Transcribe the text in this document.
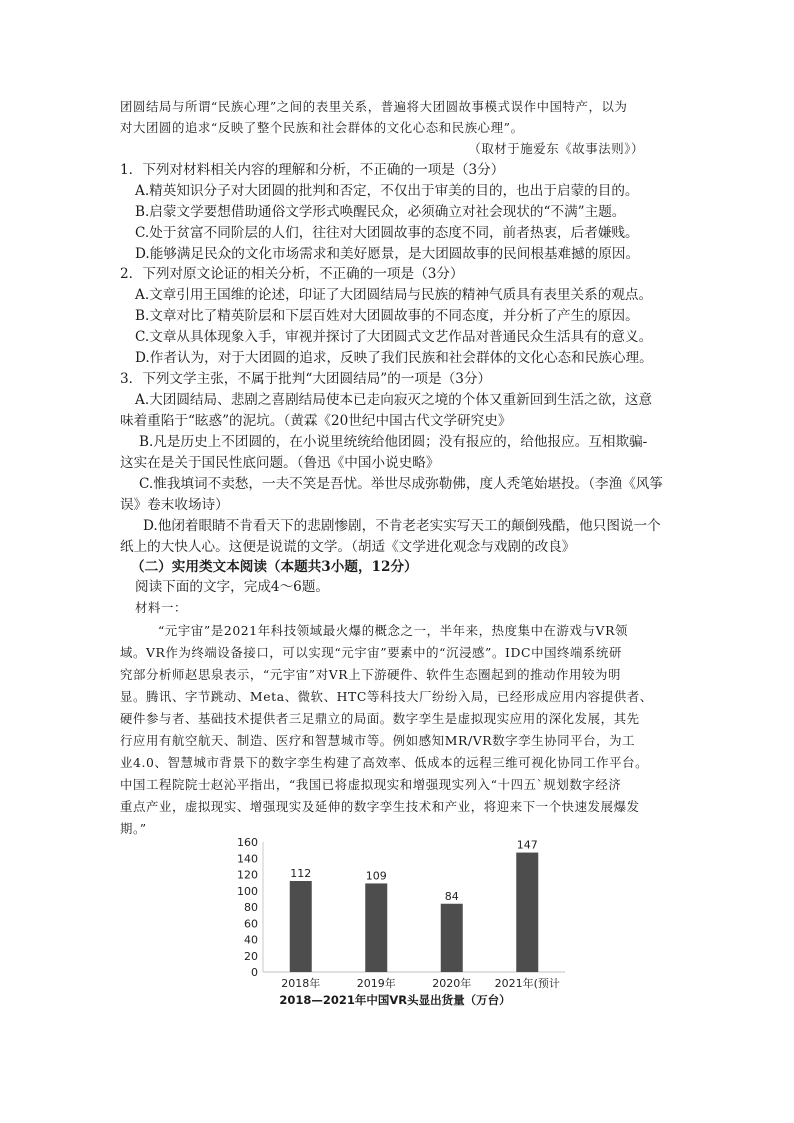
团圆结局与所谓“民族心理”之间的表里关系，普遍将大团圆故事模式误作中国特产，以为
对大团圆的追求“反映了整个民族和社会群体的文化心态和民族心理”。
（取材于施爱东《故事法则》）
1．下列对材料相关内容的理解和分析，不正确的一项是（3分）
A.精英知识分子对大团圆的批判和否定，不仅出于审美的目的，也出于启蒙的目的。
B.启蒙文学要想借助通俗文学形式唤醒民众，必须确立对社会现状的“不满”主题。
C.处于贫富不同阶层的人们，往往对大团圆故事的态度不同，前者热衷，后者嫌贱。
D.能够满足民众的文化市场需求和美好愿景，是大团圆故事的民间根基难撼的原因。
2．下列对原文论证的相关分析，不正确的一项是（3分）
A.文章引用王国维的论述，印证了大团圆结局与民族的精神气质具有表里关系的观点。
B.文章对比了精英阶层和下层百姓对大团圆故事的不同态度，并分析了产生的原因。
C.文章从具体现象入手，审视并探讨了大团圆式文艺作品对普通民众生活具有的意义。
D.作者认为，对于大团圆的追求，反映了我们民族和社会群体的文化心态和民族心理。
3．下列文学主张，不属于批判“大团圆结局”的一项是（3分）
A.大团圆结局、悲剧之喜剧结局使本已走向寂灭之境的个体又重新回到生活之欲，这意
味着重陷于“眩惑”的泥坑。（黄霖《20世纪中国古代文学研究史》
B.凡是历史上不团圆的，在小说里统统给他团圆；没有报应的，给他报应。互相欺骗-
这实在是关于国民性底问题。（鲁迅《中国小说史略》
C.惟我填词不卖愁，一夫不笑是吾忧。举世尽成弥勒佛，度人秃笔始堪投。（李渔《风筝
误》卷末收场诗）
D.他闭着眼睛不肯看天下的悲剧惨剧，不肯老老实实写天工的颠倒残酷，他只图说一个
纸上的大快人心。这便是说谎的文学。（胡适《文学进化观念与戏剧的改良》
（二）实用类文本阅读（本题共3小题，12分）
阅读下面的文字，完成4～6题。
材料一：
“元宇宙”是2021年科技领域最火爆的概念之一，半年来，热度集中在游戏与VR领
域。VR作为终端设备接口，可以实现“元宇宙”要素中的“沉浸感”。IDC中国终端系统研
究部分析师赵思泉表示，“元宇宙”对VR上下游硬件、软件生态圈起到的推动作用较为明
显。腾讯、字节跳动、Meta、微软、HTC等科技大厂纷纷入局，已经形成应用内容提供者、
硬件参与者、基础技术提供者三足鼎立的局面。数字孪生是虚拟现实应用的深化发展，其先
行应用有航空航天、制造、医疗和智慧城市等。例如感知MR/VR数字孪生协同平台，为工
业4.0、智慧城市背景下的数字孪生构建了高效率、低成本的远程三维可视化协同工作平台。
中国工程院院士赵沁平指出，“我国已将虚拟现实和增强现实列入“十四五`规划数字经济
重点产业，虚拟现实、增强现实及延伸的数字孪生技术和产业，将迎来下一个快速发展爆发
期。”
0
20
40
60
80
100
120
140
160
112	109
84
147
2018年	2019年	2020年 2021年(预计
2018—2021年中国VR头显出货量（万台）
